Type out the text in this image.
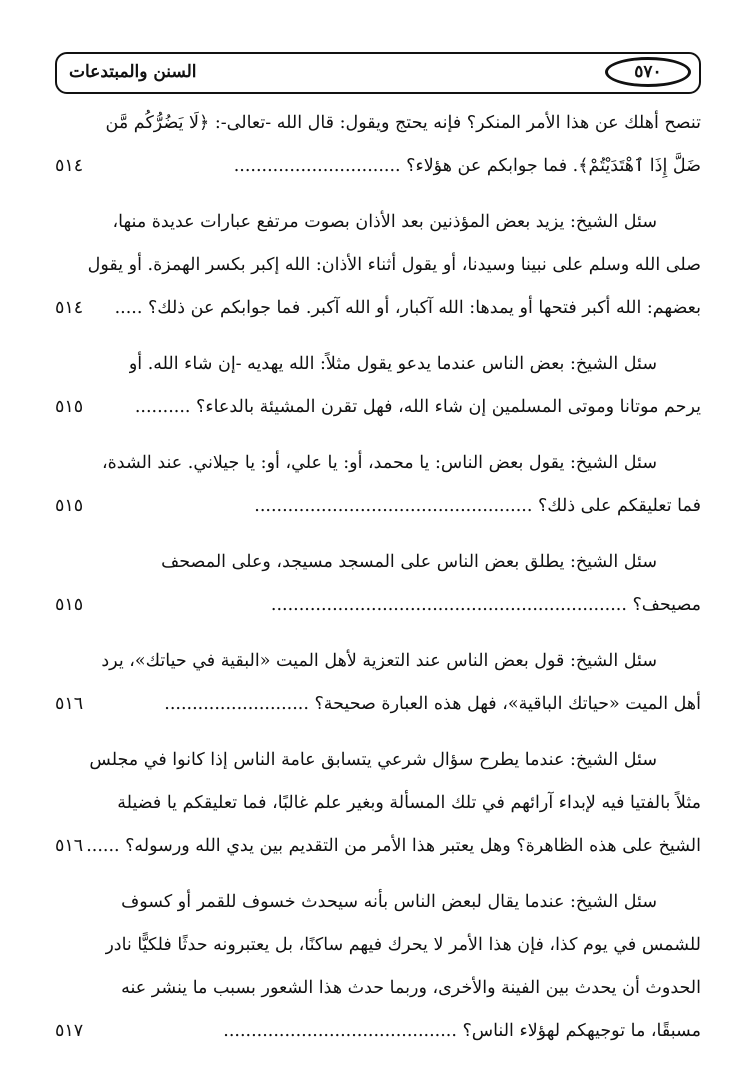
السنن والمبتدعات	٥٧٠
تنصح أهلك عن هذا الأمر المنكر؟ فإنه يحتج ويقول: قال الله -تعالى-: ﴿لَا يَضُرُّكُم مَّن
ضَلَّ إِذَا ٱهْتَدَيْتُمْ﴾. فما جوابكم عن هؤلاء؟ ..............................
٥١٤
سئل الشيخ: يزيد بعض المؤذنين بعد الأذان بصوت مرتفع عبارات عديدة منها،
صلى الله وسلم على نبينا وسيدنا، أو يقول أثناء الأذان: الله إكبر بكسر الهمزة. أو يقول
بعضهم: الله أكبر فتحها أو يمدها: الله آكبار، أو الله آكبر. فما جوابكم عن ذلك؟ .....
٥١٤
سئل الشيخ: بعض الناس عندما يدعو يقول مثلاً: الله يهديه -إن شاء الله. أو
يرحم موتانا وموتى المسلمين إن شاء الله، فهل تقرن المشيئة بالدعاء؟ ..........
٥١٥
سئل الشيخ: يقول بعض الناس: يا محمد، أو: يا علي، أو: يا جيلاني. عند الشدة،
فما تعليقكم على ذلك؟ ..................................................
٥١٥
سئل الشيخ: يطلق بعض الناس على المسجد مسيجد، وعلى المصحف
مصيحف؟ ................................................................
٥١٥
سئل الشيخ: قول بعض الناس عند التعزية لأهل الميت «البقية في حياتك»، يرد
أهل الميت «حياتك الباقية»، فهل هذه العبارة صحيحة؟ ..........................
٥١٦
سئل الشيخ: عندما يطرح سؤال شرعي يتسابق عامة الناس إذا كانوا في مجلس
مثلاً بالفتيا فيه لإبداء آرائهم في تلك المسألة وبغير علم غالبًا، فما تعليقكم يا فضيلة
الشيخ على هذه الظاهرة؟ وهل يعتبر هذا الأمر من التقديم بين يدي الله ورسوله؟ ......
٥١٦
سئل الشيخ: عندما يقال لبعض الناس بأنه سيحدث خسوف للقمر أو كسوف
للشمس في يوم كذا، فإن هذا الأمر لا يحرك فيهم ساكنًا، بل يعتبرونه حدثًا فلكيًّا نادر
الحدوث أن يحدث بين الفينة والأخرى، وربما حدث هذا الشعور بسبب ما ينشر عنه
مسبقًا، ما توجيهكم لهؤلاء الناس؟ ..........................................
٥١٧
